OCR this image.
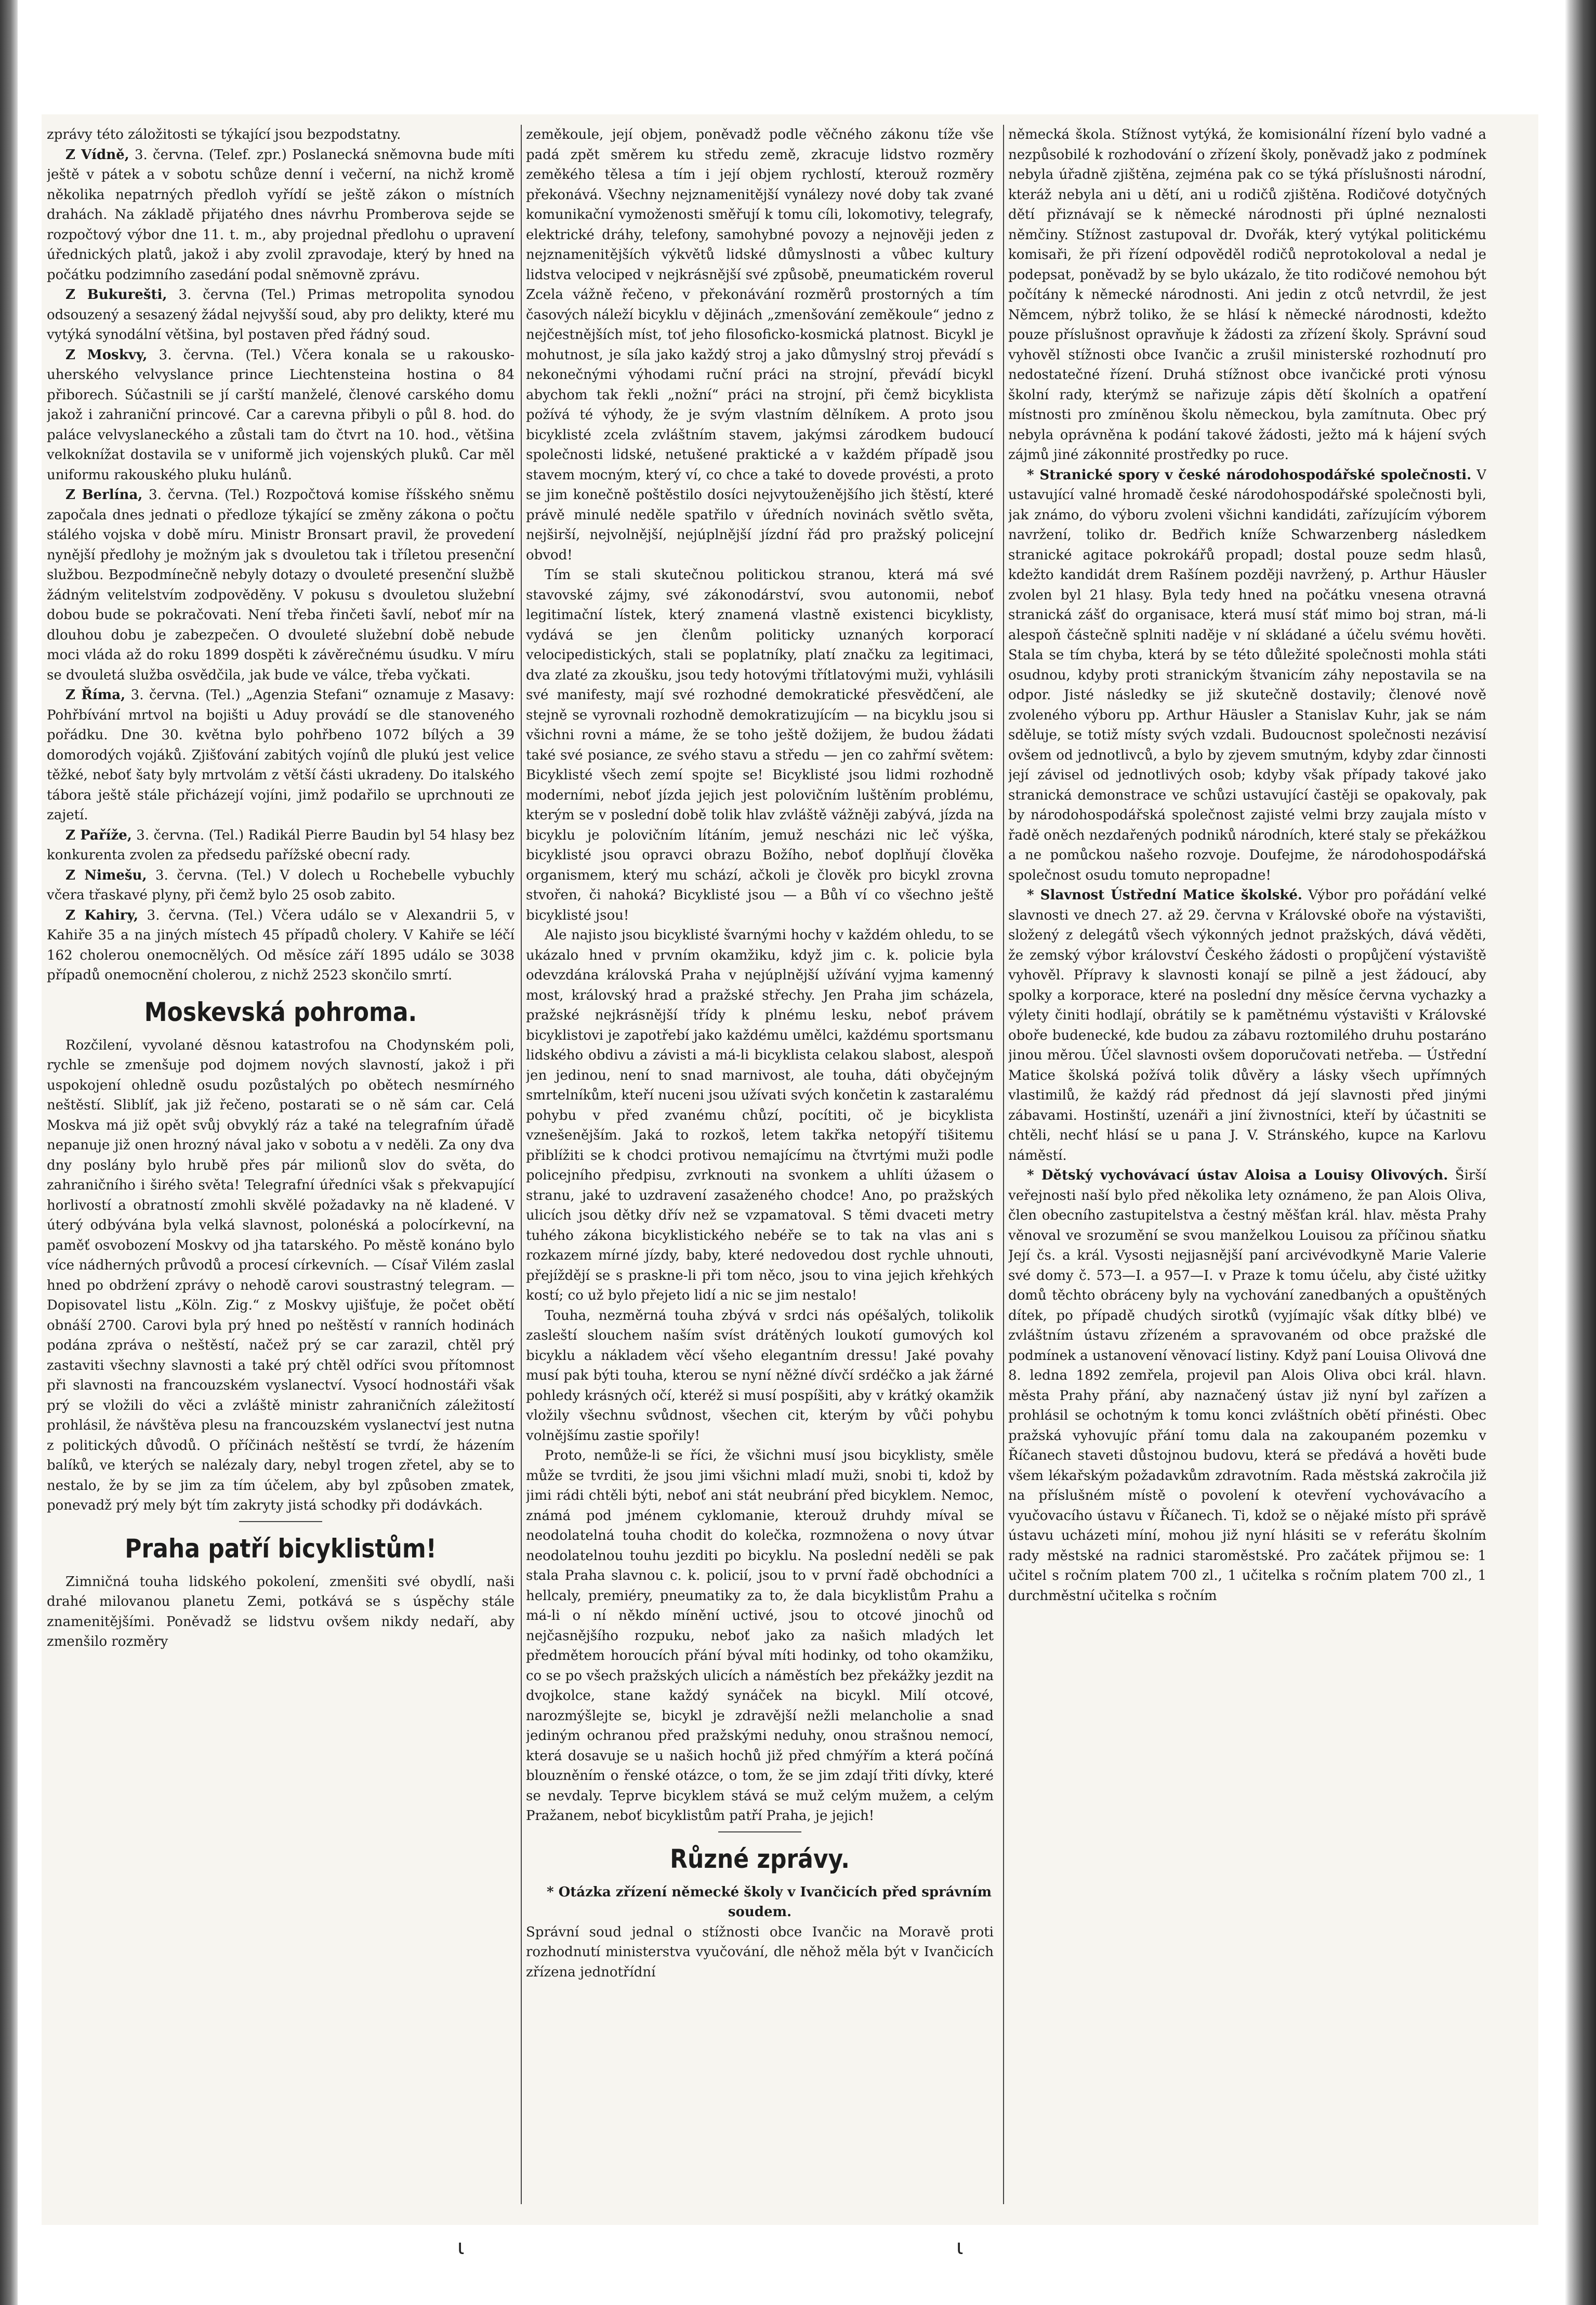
zprávy této záložitosti se týkající jsou bezpodstatny.

Z Vídně, 3. června. (Telef. zpr.) Poslanecká sněmovna bude míti ještě v pátek a v sobotu schůze denní i večerní, na nichž kromě několika nepatrných předloh vyřídí se ještě zákon o místních drahách. Na základě přijatého dnes návrhu Promberova sejde se rozpočtový výbor dne 11. t. m., aby projednal předlohu o upravení úřednických platů, jakož i aby zvolil zpravodaje, který by hned na počátku podzimního zasedání podal sněmovně zprávu.

Z Bukurešti, 3. června (Tel.) Primas metropolita synodou odsouzený a sesazený žádal nejvyšší soud, aby pro delikty, které mu vytýká synodální většina, byl postaven před řádný soud.

Z Moskvy, 3. června. (Tel.) Včera konala se u rakousko-uherského velvyslance prince Liechtensteina hostina o 84 přiborech. Súčastnili se jí carští manželé, členové carského domu jakož i zahraniční princové. Car a carevna přibyli o půl 8. hod. do paláce velvyslaneckého a zůstali tam do čtvrt na 10. hod., většina velkoknížat dostavila se v uniformě jich vojenských pluků. Car měl uniformu rakouského pluku hulánů.

Z Berlína, 3. června. (Tel.) Rozpočtová komise říšského sněmu započala dnes jednati o předloze týkající se změny zákona o počtu stálého vojska v době míru. Ministr Bronsart pravil, že provedení nynější předlohy je možným jak s dvouletou tak i tříletou presenční službou. Bezpodmínečně nebyly dotazy o dvouleté presenční službě žádným velitelstvím zodpověděny. V pokusu s dvouletou služební dobou bude se pokračovati. Není třeba řinčeti šavlí, neboť mír na dlouhou dobu je zabezpečen. O dvouleté služební době nebude moci vláda až do roku 1899 dospěti k závěrečnému úsudku. V míru se dvouletá služba osvědčila, jak bude ve válce, třeba vyčkati.

Z Říma, 3. června. (Tel.) „Agenzia Stefani“ oznamuje z Masavy: Pohřbívání mrtvol na bojišti u Aduy provádí se dle stanoveného pořádku. Dne 30. května bylo pohřbeno 1072 bílých a 39 domorodých vojáků. Zjišťování zabitých vojínů dle plukú jest velice těžké, neboť šaty byly mrtvolám z větší části ukradeny. Do italského tábora ještě stále přicházejí vojíni, jimž podařilo se uprchnouti ze zajetí.

Z Paříže, 3. června. (Tel.) Radikál Pierre Baudin byl 54 hlasy bez konkurenta zvolen za předsedu pařížské obecní rady.

Z Nimešu, 3. června. (Tel.) V dolech u Rochebelle vybuchly včera třaskavé plyny, při čemž bylo 25 osob zabito.

Z Kahiry, 3. června. (Tel.) Včera událo se v Alexandrii 5, v Kahiře 35 a na jiných místech 45 případů cholery. V Kahiře se léčí 162 cholerou onemocnělých. Od měsíce září 1895 událo se 3038 případů onemocnění cholerou, z nichž 2523 skončilo smrtí.

Moskevská pohroma.

Rozčilení, vyvolané děsnou katastrofou na Chodynském poli, rychle se zmenšuje pod dojmem nových slavností, jakož i při uspokojení ohledně osudu pozůstalých po obětech nesmírného neštěstí. Sliblíť, jak již řečeno, postarati se o ně sám car. Celá Moskva má již opět svůj obvyklý ráz a také na telegrafním úřadě nepanuje již onen hrozný nával jako v sobotu a v neděli. Za ony dva dny poslány bylo hrubě přes pár milionů slov do světa, do zahraničního i širého světa! Telegrafní úředníci však s překvapující horlivostí a obratností zmohli skvělé požadavky na ně kladené. V úterý odbývána byla velká slavnost, polonéská a polocírkevní, na paměť osvobození Moskvy od jha tatarského. Po městě konáno bylo více nádherných průvodů a procesí církevních. — Císař Vilém zaslal hned po obdržení zprávy o nehodě carovi soustrastný telegram. — Dopisovatel listu „Köln. Zig.“ z Moskvy ujišťuje, že počet obětí obnáší 2700. Carovi byla prý hned po neštěstí v ranních hodinách podána zpráva o neštěstí, načež prý se car zarazil, chtěl prý zastaviti všechny slavnosti a také prý chtěl odříci svou přítomnost při slavnosti na francouzském vyslanectví. Vysocí hodnostáři však prý se vložili do věci a zvláště ministr zahraničních záležitostí prohlásil, že návštěva plesu na francouzském vyslanectví jest nutna z politických důvodů. O příčinách neštěstí se tvrdí, že házením balíků, ve kterých se nalézaly dary, nebyl trogen zřetel, aby se to nestalo, že by se jim za tím účelem, aby byl způsoben zmatek, ponevadž prý mely být tím zakryty jistá schodky při dodávkách.

Praha patří bicyklistům!

Zimničná touha lidského pokolení, zmenšiti své obydlí, naši drahé milovanou planetu Zemi, potkává se s úspěchy stále znamenitějšími. Poněvadž se lidstvu ovšem nikdy nedaří, aby zmenšilo rozměry

zeměkoule, její objem, poněvadž podle věčného zákonu tíže vše padá zpět směrem ku středu země, zkracuje lidstvo rozměry zeměkého tělesa a tím i její objem rychlostí, kterouž rozměry překonává. Všechny nejznamenitější vynálezy nové doby tak zvané komunikační vymoženosti směřují k tomu cíli, lokomotivy, telegrafy, elektrické dráhy, telefony, samohybné povozy a nejnověji jeden z nejznamenitějších výkvětů lidské důmyslnosti a vůbec kultury lidstva velociped v nejkrásnější své způsobě, pneumatickém roverul Zcela vážně řečeno, v překonávání rozměrů prostorných a tím časových náleží bicyklu v dějinách „zmenšování zeměkoule“ jedno z nejčestnějších míst, toť jeho filosoficko-kosmická platnost. Bicykl je mohutnost, je síla jako každý stroj a jako důmyslný stroj převádí s nekonečnými výhodami ruční práci na strojní, převádí bicykl abychom tak řekli „nožní“ práci na strojní, při čemž bicyklista požívá té výhody, že je svým vlastním dělníkem. A proto jsou bicyklisté zcela zvláštním stavem, jakýmsi zárodkem budoucí společnosti lidské, netušené praktické a v každém případě jsou stavem mocným, který ví, co chce a také to dovede provésti, a proto se jim konečně poštěstilo dosíci nejvytouženějšího jich štěstí, které právě minulé neděle spatřilo v úředních novinách světlo světa, nejširší, nejvolnější, nejúplnější jízdní řád pro pražský policejní obvod!

Tím se stali skutečnou politickou stranou, která má své stavovské zájmy, své zákonodárství, svou autonomii, neboť legitimační lístek, který znamená vlastně existenci bicyklisty, vydává se jen členům politicky uznaných korporací velocipedistických, stali se poplatníky, platí značku za legitimaci, dva zlaté za zkoušku, jsou tedy hotovými třítlatovými muži, vyhlásili své manifesty, mají své rozhodné demokratické přesvědčení, ale stejně se vyrovnali rozhodně demokratizujícím — na bicyklu jsou si všichni rovni a máme, že se toho ještě dožijem, že budou žádati také své posiance, ze svého stavu a středu — jen co zahřmí světem: Bicyklisté všech zemí spojte se! Bicyklisté jsou lidmi rozhodně moderními, neboť jízda jejich jest polovičním luštěním problému, kterým se v poslední době tolik hlav zvláště vážněji zabývá, jízda na bicyklu je polovičním lítáním, jemuž nescházi nic leč výška, bicyklisté jsou opravci obrazu Božího, neboť doplňují člověka organismem, který mu schází, ačkoli je člověk pro bicykl zrovna stvořen, či nahoká? Bicyklisté jsou — a Bůh ví co všechno ještě bicyklisté jsou!

Ale najisto jsou bicyklisté švarnými hochy v každém ohledu, to se ukázalo hned v prvním okamžiku, když jim c. k. policie byla odevzdána královská Praha v nejúplnější užívání vyjma kamenný most, královský hrad a pražské střechy. Jen Praha jim scházela, pražské nejkrásnější třídy k plnému lesku, neboť právem bicyklistovi je zapotřebí jako každému umělci, každému sportsmanu lidského obdivu a závisti a má-li bicyklista celakou slabost, alespoň jen jedinou, není to snad marnivost, ale touha, dáti obyčejným smrtelníkům, kteří nuceni jsou užívati svých končetin k zastaralému pohybu v před zvanému chůzí, pocítiti, oč je bicyklista vznešenějším. Jaká to rozkoš, letem takřka netopýří tišitemu přiblížiti se k chodci protivou nemajícímu na čtvrtými muži podle policejního předpisu, zvrknouti na svonkem a uhlíti úžasem o stranu, jaké to uzdravení zasaženého chodce! Ano, po pražských ulicích jsou dětky dřív než se vzpamatoval. S těmi dvaceti metry tuhého zákona bicyklistického nebéře se to tak na vlas ani s rozkazem mírné jízdy, baby, které nedovedou dost rychle uhnouti, přejíždějí se s praskne-li při tom něco, jsou to vina jejich křehkých kostí; co už bylo přejeto lidí a nic se jim nestalo!

Touha, nezměrná touha zbývá v srdci nás opéšalých, tolikolik zasleští slouchem naším svíst drátěných loukotí gumových kol bicyklu a nákladem věcí všeho elegantním dressu! Jaké povahy musí pak býti touha, kterou se nyní něžné dívčí srdéčko a jak žárné pohledy krásných očí, kteréž si musí pospíšiti, aby v krátký okamžik vložily všechnu svůdnost, všechen cit, kterým by vůči pohybu volnějšímu zastie spořily!

Proto, nemůže-li se říci, že všichni musí jsou bicyklisty, směle může se tvrditi, že jsou jimi všichni mladí muži, snobi ti, kdož by jimi rádi chtěli býti, neboť ani stát neubrání před bicyklem. Nemoc, známá pod jménem cyklomanie, kterouž druhdy míval se neodolatelná touha chodit do kolečka, rozmnožena o novy útvar neodolatelnou touhu jezditi po bicyklu. Na poslední neděli se pak stala Praha slavnou c. k. policií, jsou to v první řadě obchodníci a hellcaly, premiéry, pneumatiky za to, že dala bicyklistům Prahu a má-li o ní někdo mínění uctivé, jsou to otcové jinochů od nejčasnějšího rozpuku, neboť jako za našich mladých let předmětem horoucích přání býval míti hodinky, od toho okamžiku, co se po všech pražských ulicích a náměstích bez překážky jezdit na dvojkolce, stane každý synáček na bicykl. Milí otcové, narozmýšlejte se, bicykl je zdravější nežli melancholie a snad jediným ochranou před pražskými neduhy, onou strašnou nemocí, která dosavuje se u našich hochů již před chmýřím a která počíná blouzněním o řenské otázce, o tom, že se jim zdají třiti dívky, které se nevdaly. Teprve bicyklem stává se muž celým mužem, a celým Pražanem, neboť bicyklistům patří Praha, je jejich!

Různé zprávy.

* Otázka zřízení německé školy v Ivančicích před správním soudem.

Správní soud jednal o stížnosti obce Ivančic na Moravě proti rozhodnutí ministerstva vyučování, dle něhož měla být v Ivančicích zřízena jednotřídní

německá škola. Stížnost vytýká, že komisionální řízení bylo vadné a nezpůsobilé k rozhodování o zřízení školy, poněvadž jako z podmínek nebyla úřadně zjištěna, zejména pak co se týká příslušnosti národní, kteráž nebyla ani u dětí, ani u rodičů zjištěna. Rodičové dotyčných dětí přiznávají se k německé národnosti při úplné neznalosti němčiny. Stížnost zastupoval dr. Dvořák, který vytýkal politickému komisaři, že při řízení odpověděl rodičů neprotokoloval a nedal je podepsat, poněvadž by se bylo ukázalo, že tito rodičové nemohou být počítány k německé národnosti. Ani jedin z otců netvrdil, že jest Němcem, nýbrž toliko, že se hlásí k německé národnosti, kdežto pouze příslušnost opravňuje k žádosti za zřízení školy. Správní soud vyhověl stížnosti obce Ivančic a zrušil ministerské rozhodnutí pro nedostatečné řízení. Druhá stížnost obce ivančické proti výnosu školní rady, kterýmž se nařizuje zápis dětí školních a opatření místnosti pro zmíněnou školu německou, byla zamítnuta. Obec prý nebyla oprávněna k podání takové žádosti, ježto má k hájení svých zájmů jiné zákonnité prostředky po ruce.

* Stranické spory v české národohospodářské společnosti. V ustavující valné hromadě české národohospodářské společnosti byli, jak známo, do výboru zvoleni všichni kandidáti, zařízujícím výborem navržení, toliko dr. Bedřich kníže Schwarzenberg následkem stranické agitace pokrokářů propadl; dostal pouze sedm hlasů, kdežto kandidát drem Rašínem později navržený, p. Arthur Häusler zvolen byl 21 hlasy. Byla tedy hned na počátku vnesena otravná stranická zášť do organisace, která musí stáť mimo boj stran, má-li alespoň částečně splniti naděje v ní skládané a účelu svému hověti. Stala se tím chyba, která by se této důležité společnosti mohla státi osudnou, kdyby proti stranickým štvanicím záhy nepostavila se na odpor. Jisté následky se již skutečně dostavily; členové nově zvoleného výboru pp. Arthur Häusler a Stanislav Kuhr, jak se nám sděluje, se totiž místy svých vzdali. Budoucnost společnosti nezávisí ovšem od jednotlivců, a bylo by zjevem smutným, kdyby zdar činnosti její závisel od jednotlivých osob; kdyby však případy takové jako stranická demonstrace ve schůzi ustavující častěji se opakovaly, pak by národohospodářská společnost zajisté velmi brzy zaujala místo v řadě oněch nezdařených podniků národních, které staly se překážkou a ne pomůckou našeho rozvoje. Doufejme, že národohospodářská společnost osudu tomuto nepropadne!

* Slavnost Ústřední Matice školské. Výbor pro pořádání velké slavnosti ve dnech 27. až 29. června v Královské oboře na výstavišti, složený z delegátů všech výkonných jednot pražských, dává věděti, že zemský výbor království Českého žádosti o propůjčení výstaviště vyhověl. Přípravy k slavnosti konají se pilně a jest žádoucí, aby spolky a korporace, které na poslední dny měsíce června vychazky a výlety činiti hodlají, obrátily se k pamětnému výstavišti v Královské oboře budenecké, kde budou za zábavu roztomilého druhu postaráno jinou měrou. Účel slavnosti ovšem doporučovati netřeba. — Ústřední Matice školská požívá tolik důvěry a lásky všech upřímných vlastimilů, že každý rád přednost dá její slavnosti před jinými zábavami. Hostinští, uzenáři a jiní živnostníci, kteří by účastniti se chtěli, nechť hlásí se u pana J. V. Stránského, kupce na Karlovu náměstí.

* Dětský vychovávací ústav Aloisa a Louisy Olivových. Širší veřejnosti naší bylo před několika lety oznámeno, že pan Alois Oliva, člen obecního zastupitelstva a čestný měšťan král. hlav. města Prahy věnoval ve srozumění se svou manželkou Louisou za příčinou sňatku Její čs. a král. Vysosti nejjasnější paní arcivévodkyně Marie Valerie své domy č. 573—I. a 957—I. v Praze k tomu účelu, aby čisté užitky domů těchto obráceny byly na vychování zanedbaných a opuštěných dítek, po případě chudých sirotků (vyjímajíc však dítky blbé) ve zvláštním ústavu zřízeném a spravovaném od obce pražské dle podmínek a ustanovení věnovací listiny. Když paní Louisa Olivová dne 8. ledna 1892 zemřela, projevil pan Alois Oliva obci král. hlavn. města Prahy přání, aby naznačený ústav již nyní byl zařízen a prohlásil se ochotným k tomu konci zvláštních obětí přinésti. Obec pražská vyhovujíc přání tomu dala na zakoupaném pozemku v Říčanech staveti důstojnou budovu, která se předává a hověti bude všem lékařským požadavkům zdravotním. Rada městská zakročila již na příslušném místě o povolení k otevření vychovávacího a vyučovacího ústavu v Říčanech. Ti, kdož se o nějaké místo při správě ústavu ucházeti míní, mohou již nyní hlásiti se v referátu školním rady městské na radnici staroměstské. Pro začátek přijmou se: 1 učitel s ročním platem 700 zl., 1 učitelka s ročním platem 700 zl., 1 durchměstní učitelka s ročním

ι	ι
